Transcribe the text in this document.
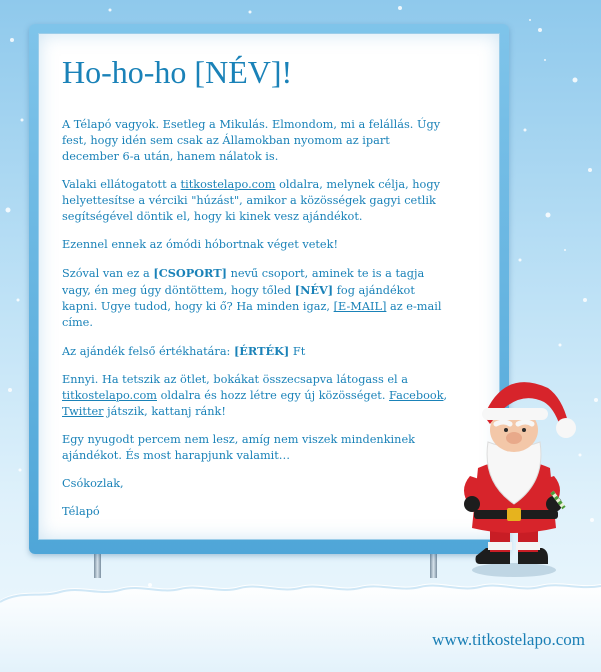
Ho-ho-ho [NÉV]!

A Télapó vagyok. Esetleg a Mikulás. Elmondom, mi a felállás. Úgy fest, hogy idén sem csak az Államokban nyomom az ipart december 6-a után, hanem nálatok is.

Valaki ellátogatott a titkostelapo.com oldalra, melynek célja, hogy helyettesítse a vérciki "húzást", amikor a közösségek gagyi cetlik segítségével döntik el, hogy ki kinek vesz ajándékot.

Ezennel ennek az ómódi hóbortnak véget vetek!

Szóval van ez a [CSOPORT] nevű csoport, aminek te is a tagja vagy, én meg úgy döntöttem, hogy tőled [NÉV] fog ajándékot kapni. Ugye tudod, hogy ki ő? Ha minden igaz, [E-MAIL] az e-mail címe.

Az ajándék felső értékhatára: [ÉRTÉK] Ft

Ennyi. Ha tetszik az ötlet, bokákat összecsapva látogass el a titkostelapo.com oldalra és hozz létre egy új közösséget. Facebook, Twitter játszik, kattanj ránk!

Egy nyugodt percem nem lesz, amíg nem viszek mindenkinek ajándékot. És most harapjunk valamit…

Csókozlak,

Télapó

www.titkostelapo.com
